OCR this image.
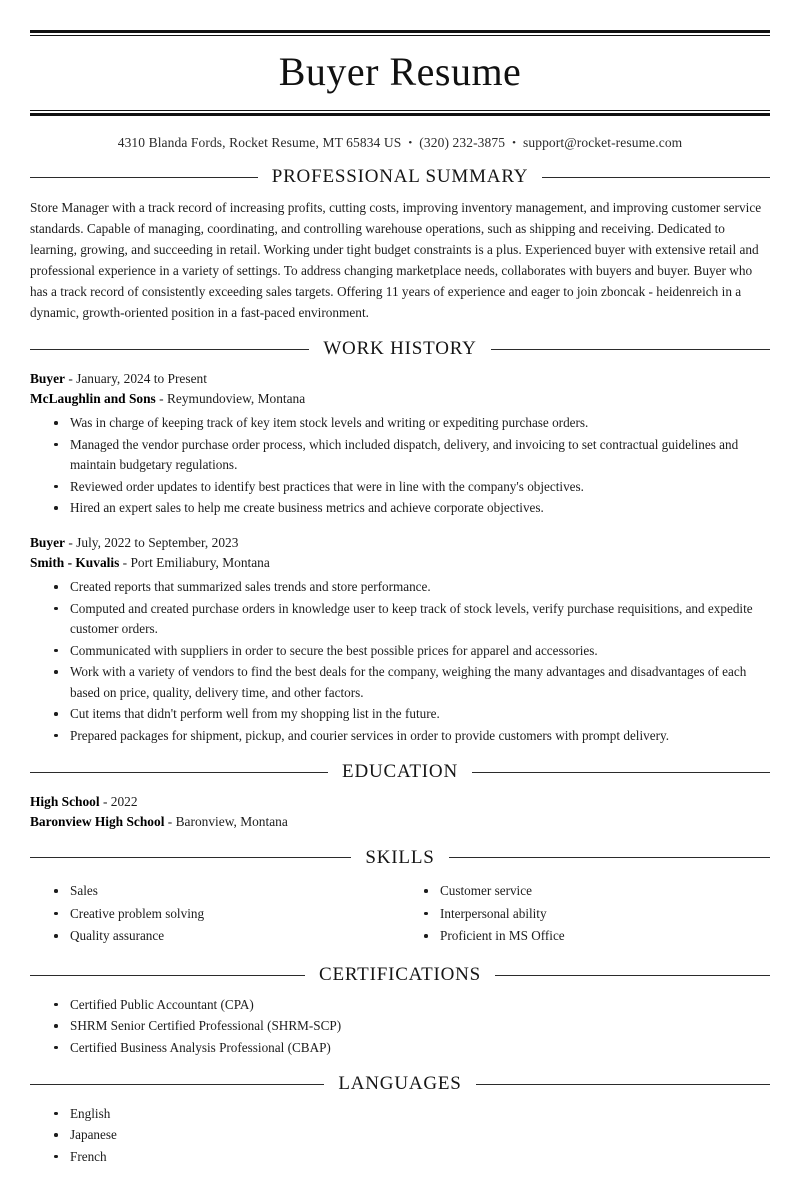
Buyer Resume
4310 Blanda Fords, Rocket Resume, MT 65834 US • (320) 232-3875 • support@rocket-resume.com
PROFESSIONAL SUMMARY

Store Manager with a track record of increasing profits, cutting costs, improving inventory management, and improving customer service standards. Capable of managing, coordinating, and controlling warehouse operations, such as shipping and receiving. Dedicated to learning, growing, and succeeding in retail. Working under tight budget constraints is a plus. Experienced buyer with extensive retail and professional experience in a variety of settings. To address changing marketplace needs, collaborates with buyers and buyer. Buyer who has a track record of consistently exceeding sales targets. Offering 11 years of experience and eager to join zboncak - heidenreich in a dynamic, growth-oriented position in a fast-paced environment.

WORK HISTORY
Buyer - January, 2024 to Present
McLaughlin and Sons - Reymundoview, Montana
Was in charge of keeping track of key item stock levels and writing or expediting purchase orders.
Managed the vendor purchase order process, which included dispatch, delivery, and invoicing to set contractual guidelines and maintain budgetary regulations.
Reviewed order updates to identify best practices that were in line with the company's objectives.
Hired an expert sales to help me create business metrics and achieve corporate objectives.
Buyer - July, 2022 to September, 2023
Smith - Kuvalis - Port Emiliabury, Montana
Created reports that summarized sales trends and store performance.
Computed and created purchase orders in knowledge user to keep track of stock levels, verify purchase requisitions, and expedite customer orders.
Communicated with suppliers in order to secure the best possible prices for apparel and accessories.
Work with a variety of vendors to find the best deals for the company, weighing the many advantages and disadvantages of each based on price, quality, delivery time, and other factors.
Cut items that didn't perform well from my shopping list in the future.
Prepared packages for shipment, pickup, and courier services in order to provide customers with prompt delivery.
EDUCATION
High School - 2022
Baronview High School - Baronview, Montana
SKILLS
Sales
Creative problem solving
Quality assurance
Customer service
Interpersonal ability
Proficient in MS Office
CERTIFICATIONS
Certified Public Accountant (CPA)
SHRM Senior Certified Professional (SHRM-SCP)
Certified Business Analysis Professional (CBAP)
LANGUAGES
English
Japanese
French
